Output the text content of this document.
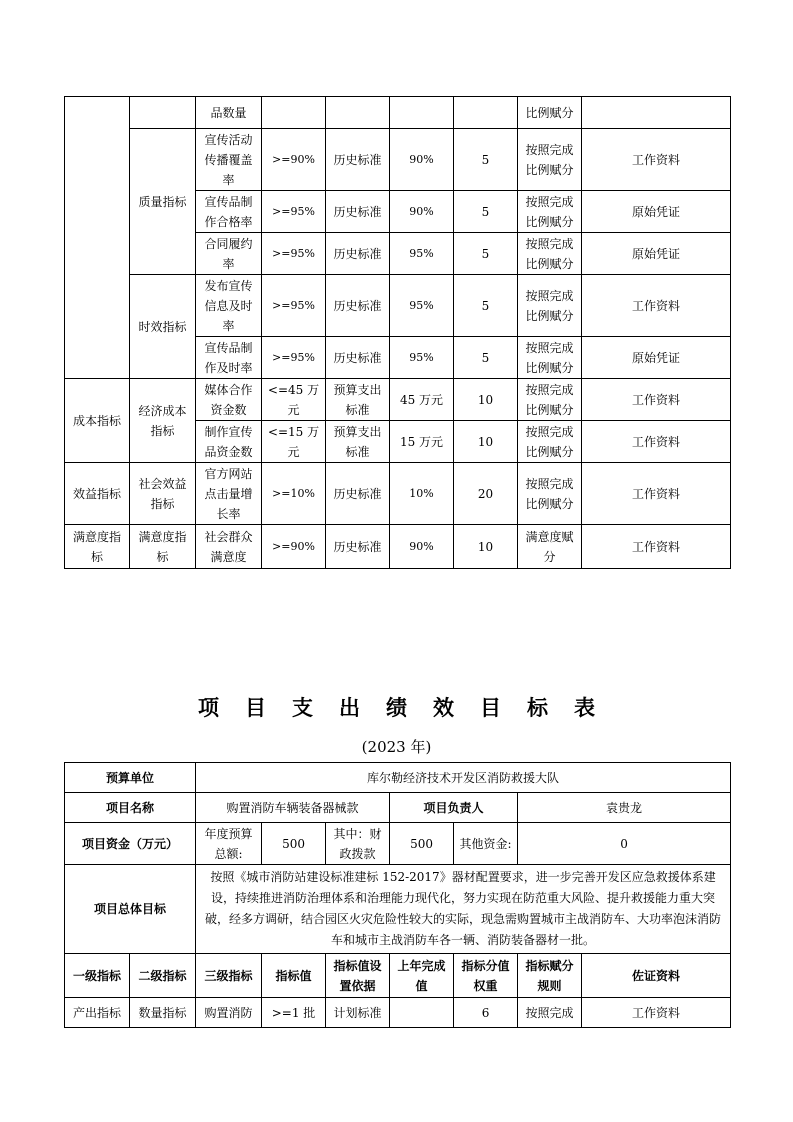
		品数量					比例赋分	
	质量指标	宣传活动传播覆盖率	>=90%	历史标准	90%	5	按照完成比例赋分	工作资料
		宣传品制作合格率	>=95%	历史标准	90%	5	按照完成比例赋分	原始凭证
		合同履约率	>=95%	历史标准	95%	5	按照完成比例赋分	原始凭证
	时效指标	发布宣传信息及时率	>=95%	历史标准	95%	5	按照完成比例赋分	工作资料
		宣传品制作及时率	>=95%	历史标准	95%	5	按照完成比例赋分	原始凭证
成本指标	经济成本指标	媒体合作资金数	<=45 万元	预算支出标准	45 万元	10	按照完成比例赋分	工作资料
		制作宣传品资金数	<=15 万元	预算支出标准	15 万元	10	按照完成比例赋分	工作资料
效益指标	社会效益指标	官方网站点击量增长率	>=10%	历史标准	10%	20	按照完成比例赋分	工作资料
满意度指标	满意度指标	社会群众满意度	>=90%	历史标准	90%	10	满意度赋分	工作资料
项目支出绩效目标表
(2023 年)
预算单位		库尔勒经济技术开发区消防救援大队						
项目名称		购置消防车辆装备器械款			项目负责人		袁贵龙	
项目资金（万元）		年度预算总额:	500	其中：财政拨款	500	其他资金:	0	
项目总体目标		按照《城市消防站建设标准建标 152-2017》器材配置要求，进一步完善开发区应急救援体系建设，持续推进消防治理体系和治理能力现代化，努力实现在防范重大风险、提升救援能力重大突破，经多方调研，结合园区火灾危险性较大的实际，现急需购置城市主战消防车、大功率泡沫消防车和城市主战消防车各一辆、消防装备器材一批。						
一级指标	二级指标	三级指标	指标值	指标值设置依据	上年完成值	指标分值权重	指标赋分规则	佐证资料
产出指标	数量指标	购置消防	>=1 批	计划标准		6	按照完成	工作资料
